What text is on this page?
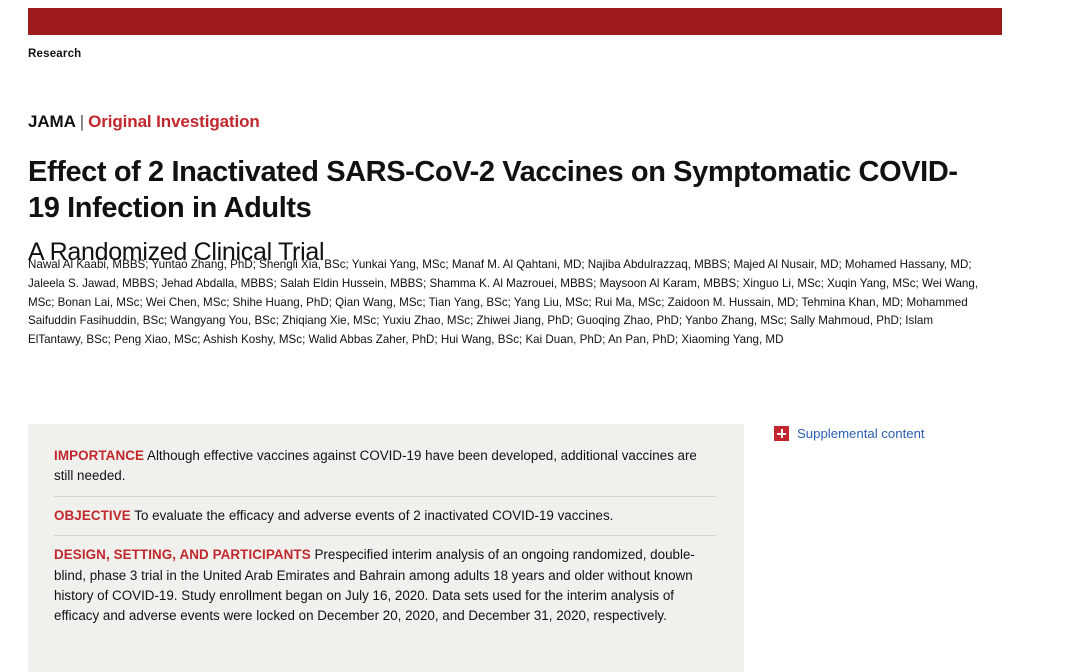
Research
JAMA | Original Investigation
Effect of 2 Inactivated SARS-CoV-2 Vaccines on Symptomatic COVID-19 Infection in Adults
A Randomized Clinical Trial
Nawal Al Kaabi, MBBS; Yuntao Zhang, PhD; Shengli Xia, BSc; Yunkai Yang, MSc; Manaf M. Al Qahtani, MD; Najiba Abdulrazzaq, MBBS; Majed Al Nusair, MD; Mohamed Hassany, MD; Jaleela S. Jawad, MBBS; Jehad Abdalla, MBBS; Salah Eldin Hussein, MBBS; Shamma K. Al Mazrouei, MBBS; Maysoon Al Karam, MBBS; Xinguo Li, MSc; Xuqin Yang, MSc; Wei Wang, MSc; Bonan Lai, MSc; Wei Chen, MSc; Shihe Huang, PhD; Qian Wang, MSc; Tian Yang, BSc; Yang Liu, MSc; Rui Ma, MSc; Zaidoon M. Hussain, MD; Tehmina Khan, MD; Mohammed Saifuddin Fasihuddin, BSc; Wangyang You, BSc; Zhiqiang Xie, MSc; Yuxiu Zhao, MSc; Zhiwei Jiang, PhD; Guoqing Zhao, PhD; Yanbo Zhang, MSc; Sally Mahmoud, PhD; Islam ElTantawy, BSc; Peng Xiao, MSc; Ashish Koshy, MSc; Walid Abbas Zaher, PhD; Hui Wang, BSc; Kai Duan, PhD; An Pan, PhD; Xiaoming Yang, MD

IMPORTANCE Although effective vaccines against COVID-19 have been developed, additional vaccines are still needed.

OBJECTIVE To evaluate the efficacy and adverse events of 2 inactivated COVID-19 vaccines.

DESIGN, SETTING, AND PARTICIPANTS Prespecified interim analysis of an ongoing randomized, double-blind, phase 3 trial in the United Arab Emirates and Bahrain among adults 18 years and older without known history of COVID-19. Study enrollment began on July 16, 2020. Data sets used for the interim analysis of efficacy and adverse events were locked on December 20, 2020, and December 31, 2020, respectively.

Supplemental content
